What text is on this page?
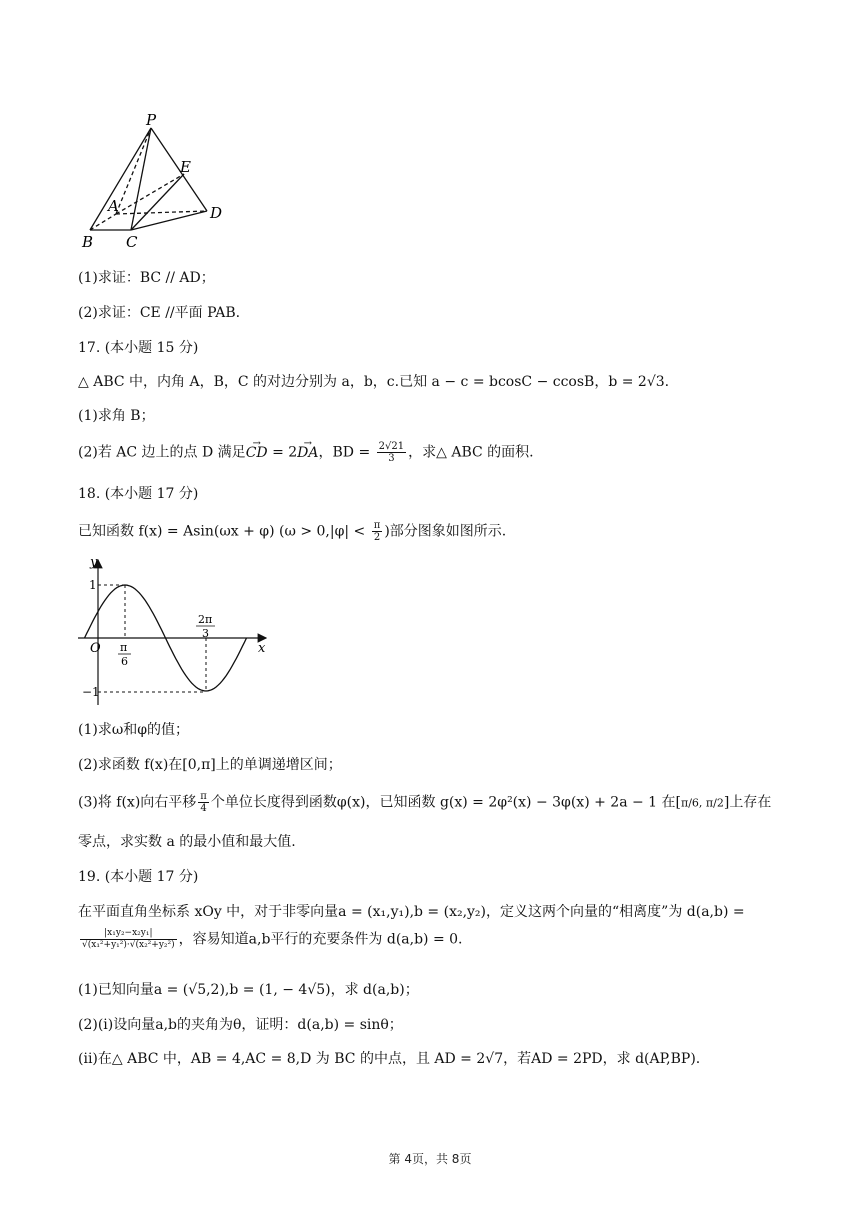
P
E
A	D
B C
(1)求证：BC // AD；
(2)求证：CE //平面 PAB.
17. (本小题 15 分)
△ ABC 中，内角 A，B，C 的对边分别为 a，b，c.已知 a − c = bcosC − ccosB，b = 2√3.
(1)求角 B；
(2)若 AC 边上的点 D 满足→ CD = 2→ DA，BD = $\frac{2√21}{3}$ ，求△ ABC 的面积.
18. (本小题 17 分)
已知函数 f(x) = Asin(ωx + φ) ($\omega > 0,|\varphi| < \frac{\pi}{2}$ )部分图象如图所示.
y
x
O
1
−1
π
6
2π
3
(1)求ω和φ的值；
(2)求函数 f(x)在[0,π]上的单调递增区间；
(3)将 f(x)向右平移 $\frac{\pi}{4}$ 个单位长度得到函数φ(x)，已知函数 g(x) = 2φ²(x) − 3φ(x) + 2a − 1 在[π/6, π/2]上存在
零点，求实数 a 的最小值和最大值.
19. (本小题 17 分)
在平面直角坐标系 xOy 中，对于非零向量a = (x₁,y₁),b = (x₂,y₂)，定义这两个向量的“相离度”为 d(a,b) =
$\frac{\text{|x₁y₂−x₂y₁|}}{\text{√(x₁²+y₁²)·√(x₂²+y₂²)}}$ ，容易知道a,b平行的充要条件为 d(a,b) = 0.
(1)已知向量a = (√5,2),b = (1, − 4√5)，求 d(a,b)；
(2)(i)设向量a,b的夹角为θ，证明：d(a,b) = sinθ；
(ii)在△ ABC 中，AB = 4,AC = 8,D 为 BC 的中点，且 AD = 2√7，若AD = 2PD，求 d(AP,BP).
第 4页，共 8页
